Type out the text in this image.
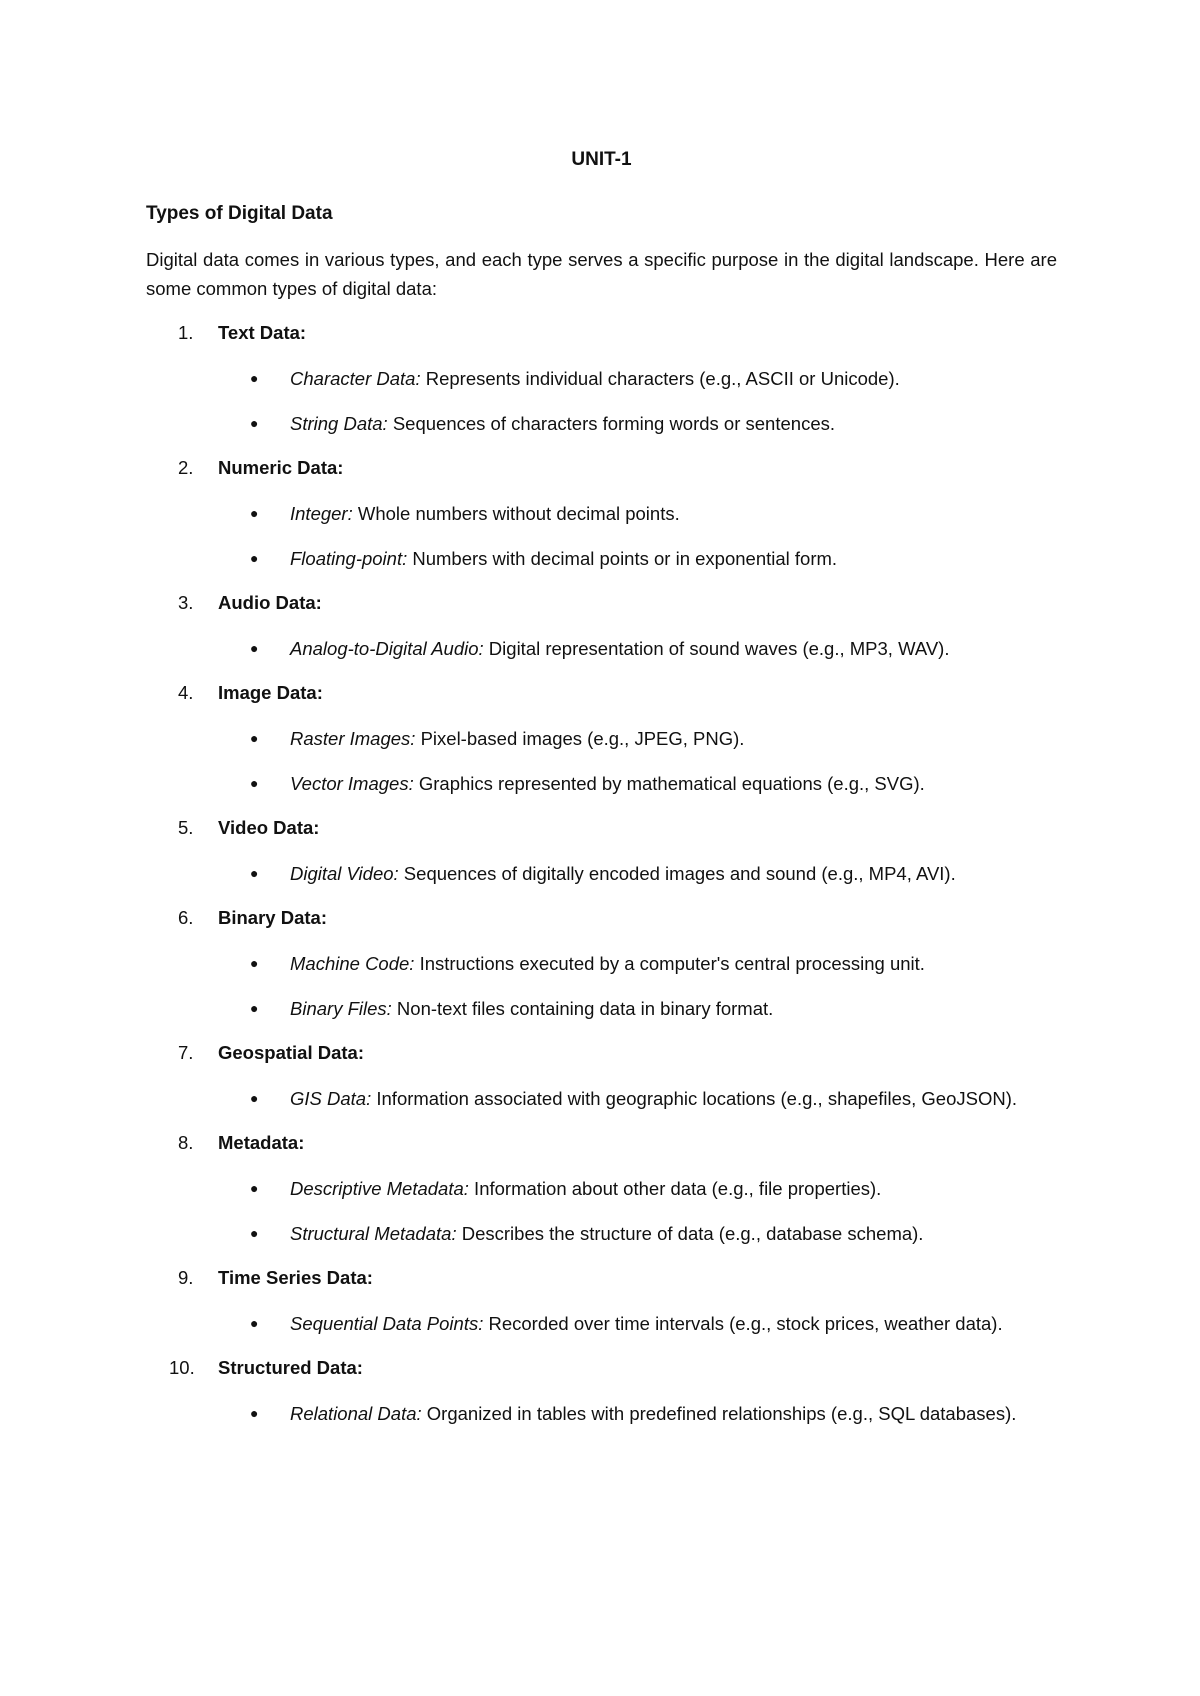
UNIT-1
Types of Digital Data

Digital data comes in various types, and each type serves a specific purpose in the digital landscape. Here are some common types of digital data:

1.	Text Data:
●	Character Data: Represents individual characters (e.g., ASCII or Unicode).
●	String Data: Sequences of characters forming words or sentences.
2.	Numeric Data:
●	Integer: Whole numbers without decimal points.
●	Floating-point: Numbers with decimal points or in exponential form.
3.	Audio Data:
●	Analog-to-Digital Audio: Digital representation of sound waves (e.g., MP3, WAV).
4.	Image Data:
●	Raster Images: Pixel-based images (e.g., JPEG, PNG).
●	Vector Images: Graphics represented by mathematical equations (e.g., SVG).
5.	Video Data:
●	Digital Video: Sequences of digitally encoded images and sound (e.g., MP4, AVI).
6.	Binary Data:
●	Machine Code: Instructions executed by a computer's central processing unit.
●	Binary Files: Non-text files containing data in binary format.
7.	Geospatial Data:
●	GIS Data: Information associated with geographic locations (e.g., shapefiles, GeoJSON).
8.	Metadata:
●	Descriptive Metadata: Information about other data (e.g., file properties).
●	Structural Metadata: Describes the structure of data (e.g., database schema).
9.	Time Series Data:
●	Sequential Data Points: Recorded over time intervals (e.g., stock prices, weather data).
10.	Structured Data:
●	Relational Data: Organized in tables with predefined relationships (e.g., SQL databases).
